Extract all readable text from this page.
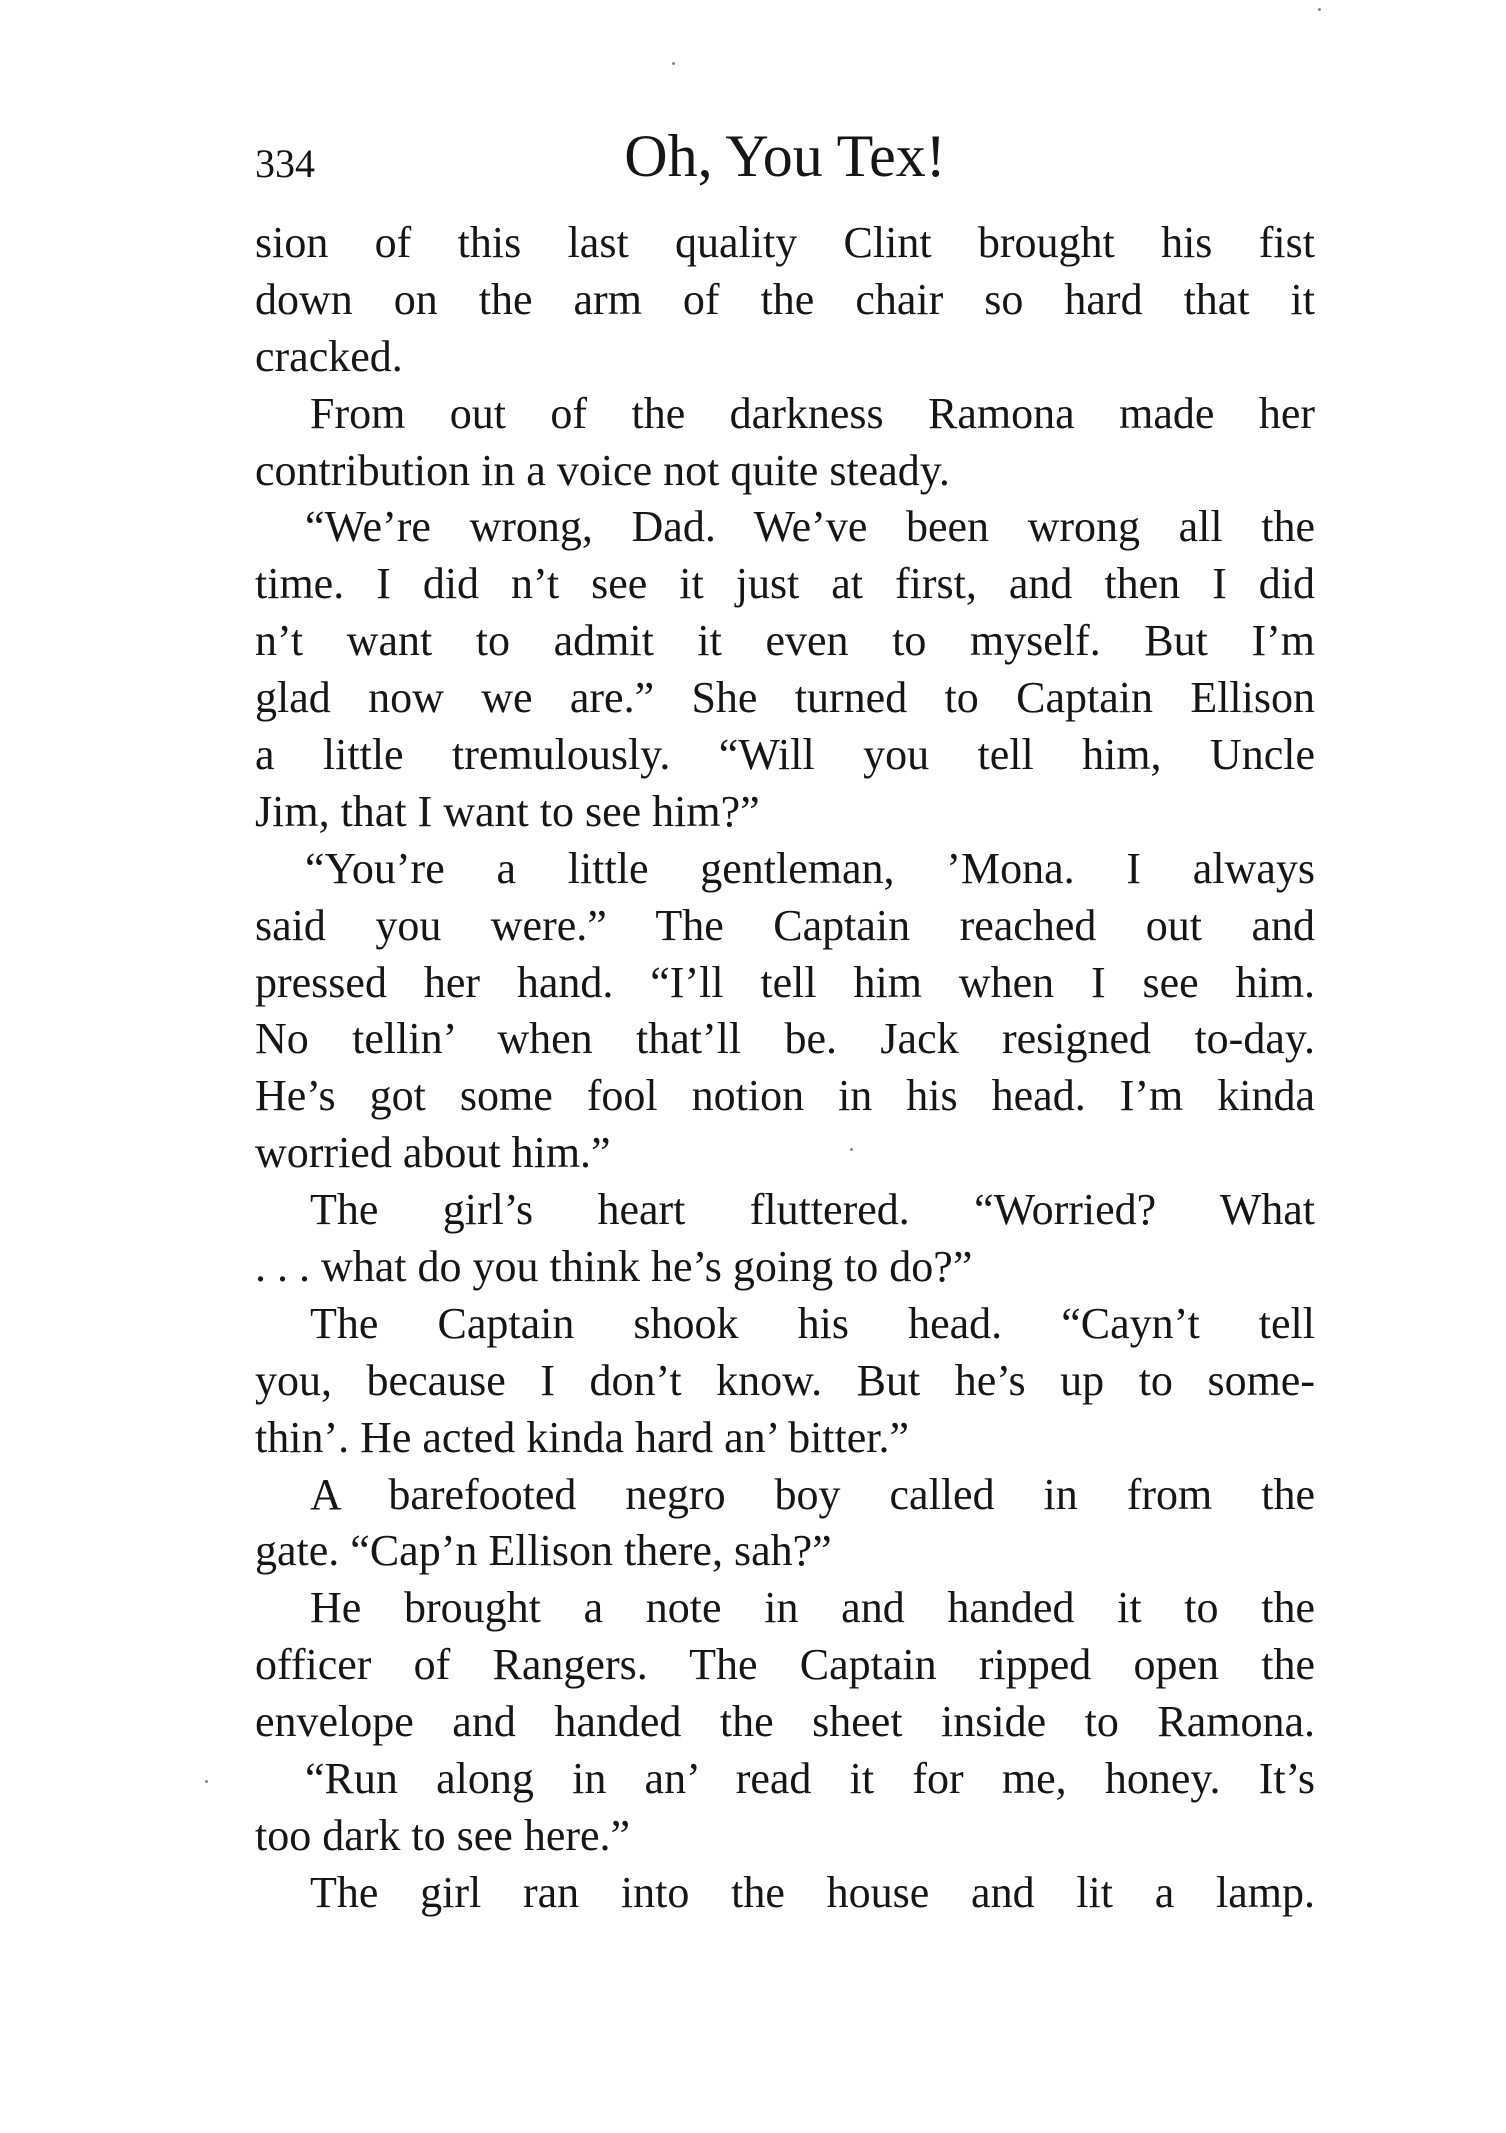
334	Oh, You Tex!
sion of this last quality Clint brought his fist
down on the arm of the chair so hard that it
cracked.
From out of the darkness Ramona made her
contribution in a voice not quite steady.
“We’re wrong, Dad. We’ve been wrong all the
time. I did n’t see it just at first, and then I did
n’t want to admit it even to myself. But I’m
glad now we are.” She turned to Captain Ellison
a little tremulously. “Will you tell him, Uncle
Jim, that I want to see him?”
“You’re a little gentleman, ’Mona. I always
said you were.” The Captain reached out and
pressed her hand. “I’ll tell him when I see him.
No tellin’ when that’ll be. Jack resigned to-day.
He’s got some fool notion in his head. I’m kinda
worried about him.”
The girl’s heart fluttered. “Worried? What
. . . what do you think he’s going to do?”
The Captain shook his head. “Cayn’t tell
you, because I don’t know. But he’s up to some-
thin’. He acted kinda hard an’ bitter.”
A barefooted negro boy called in from the
gate. “Cap’n Ellison there, sah?”
He brought a note in and handed it to the
officer of Rangers. The Captain ripped open the
envelope and handed the sheet inside to Ramona.
“Run along in an’ read it for me, honey. It’s
too dark to see here.”
The girl ran into the house and lit a lamp.
